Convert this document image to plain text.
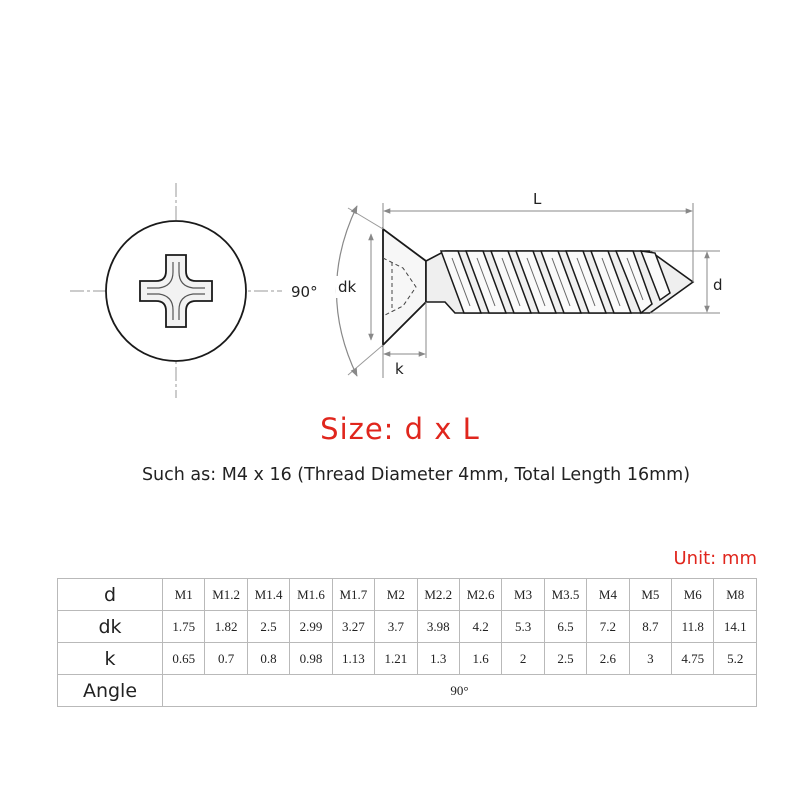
90° dk
k
L
d
Size: d x L
Such as: M4 x 16 (Thread Diameter 4mm, Total Length 16mm)
Unit: mm
d	M1	M1.2	M1.4	M1.6	M1.7	M2	M2.2	M2.6	M3	M3.5	M4	M5	M6	M8
dk	1.75	1.82	2.5	2.99	3.27	3.7	3.98	4.2	5.3	6.5	7.2	8.7	11.8	14.1
k	0.65	0.7	0.8	0.98	1.13	1.21	1.3	1.6	2	2.5	2.6	3	4.75	5.2
Angle	90°													
